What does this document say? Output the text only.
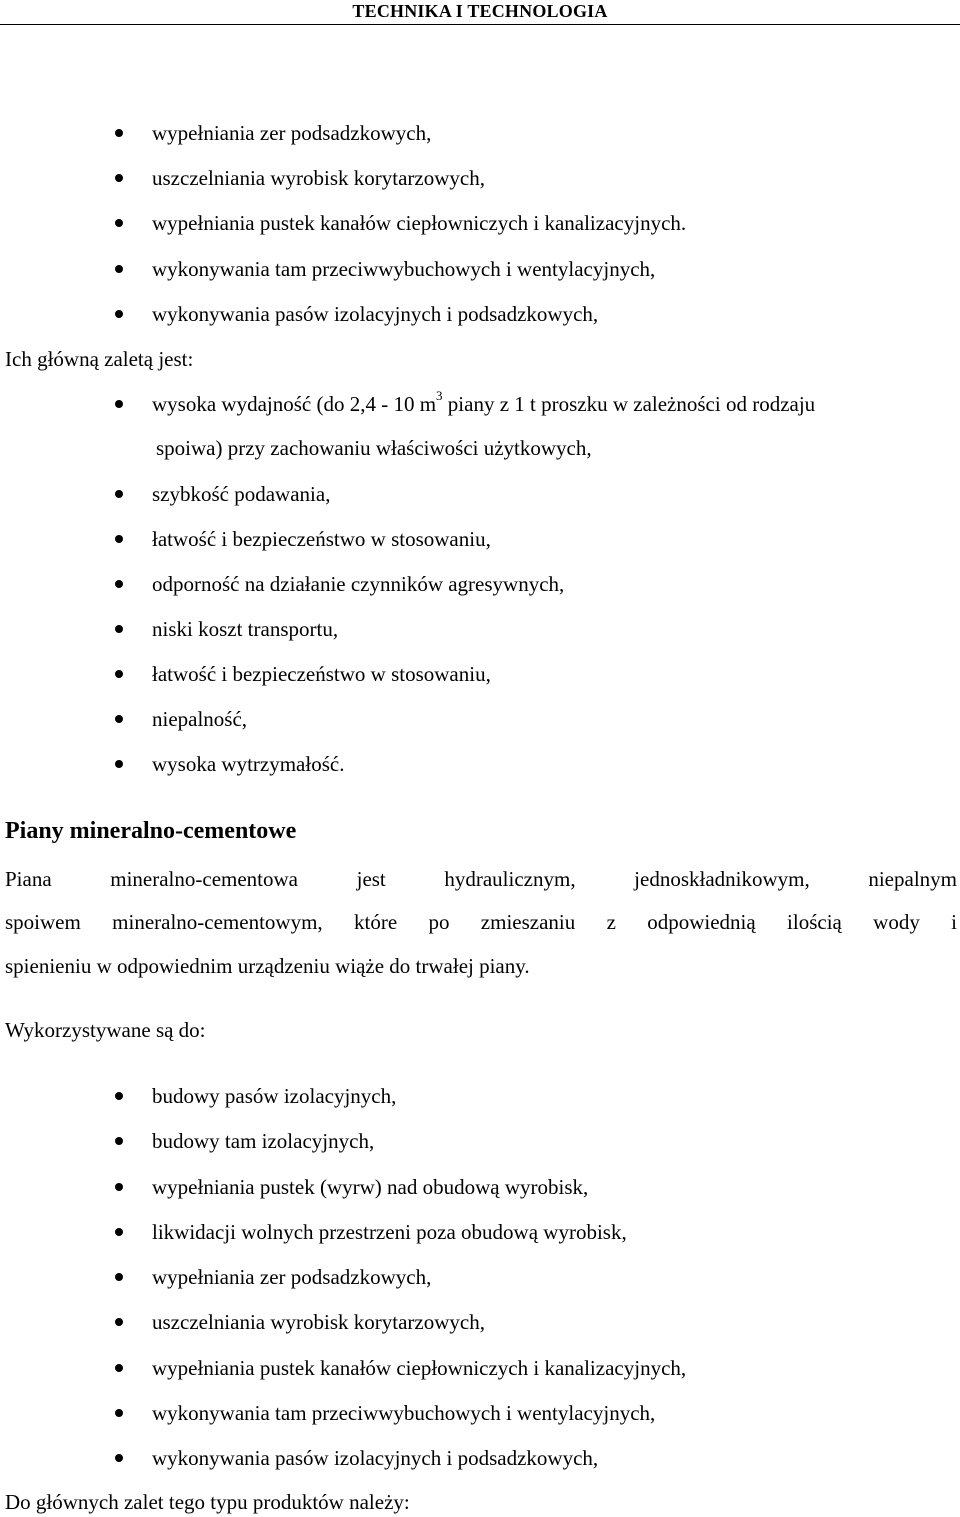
TECHNIKA I TECHNOLOGIA
wypełniania zer podsadzkowych,
uszczelniania wyrobisk korytarzowych,
wypełniania pustek kanałów ciepłowniczych i kanalizacyjnych.
wykonywania tam przeciwwybuchowych i wentylacyjnych,
wykonywania pasów izolacyjnych i podsadzkowych,
Ich główną zaletą jest:
wysoka wydajność (do 2,4 - 10 $m^3$ piany z 1 t proszku w zależności od rodzaju
spoiwa) przy zachowaniu właściwości użytkowych,
szybkość podawania,
łatwość i bezpieczeństwo w stosowaniu,
odporność na działanie czynników agresywnych,
niski koszt transportu,
łatwość i bezpieczeństwo w stosowaniu,
niepalność,
wysoka wytrzymałość.
Piany mineralno-cementowe
Piana mineralno-cementowa jest hydraulicznym, jednoskładnikowym, niepalnym
spoiwem mineralno-cementowym, które po zmieszaniu z odpowiednią ilością wody i
spienieniu w odpowiednim urządzeniu wiąże do trwałej piany.
Wykorzystywane są do:
budowy pasów izolacyjnych,
budowy tam izolacyjnych,
wypełniania pustek (wyrw) nad obudową wyrobisk,
likwidacji wolnych przestrzeni poza obudową wyrobisk,
wypełniania zer podsadzkowych,
uszczelniania wyrobisk korytarzowych,
wypełniania pustek kanałów ciepłowniczych i kanalizacyjnych,
wykonywania tam przeciwwybuchowych i wentylacyjnych,
wykonywania pasów izolacyjnych i podsadzkowych,
Do głównych zalet tego typu produktów należy:
